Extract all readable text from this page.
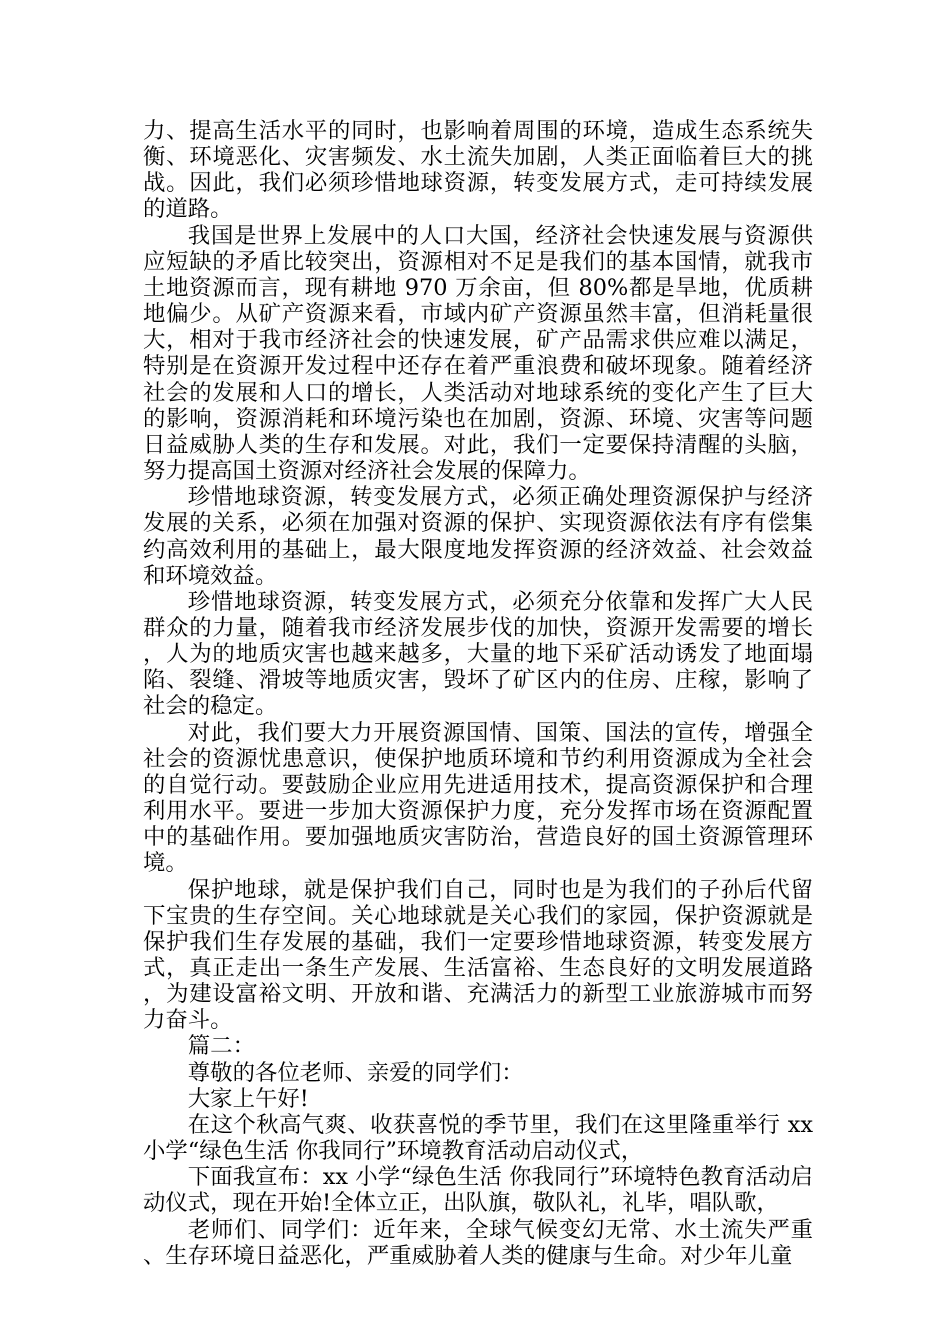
力、提高生活水平的同时，也影响着周围的环境，造成生态系统失衡、环境恶化、灾害频发、水土流失加剧，人类正面临着巨大的挑战。因此，我们必须珍惜地球资源，转变发展方式，走可持续发展的道路。

我国是世界上发展中的人口大国，经济社会快速发展与资源供应短缺的矛盾比较突出，资源相对不足是我们的基本国情，就我市土地资源而言，现有耕地 970 万余亩，但 80%都是旱地，优质耕地偏少。从矿产资源来看，市域内矿产资源虽然丰富，但消耗量很大，相对于我市经济社会的快速发展，矿产品需求供应难以满足，特别是在资源开发过程中还存在着严重浪费和破坏现象。随着经济社会的发展和人口的增长，人类活动对地球系统的变化产生了巨大的影响，资源消耗和环境污染也在加剧，资源、环境、灾害等问题日益威胁人类的生存和发展。对此，我们一定要保持清醒的头脑，努力提高国土资源对经济社会发展的保障力。

珍惜地球资源，转变发展方式，必须正确处理资源保护与经济发展的关系，必须在加强对资源的保护、实现资源依法有序有偿集约高效利用的基础上，最大限度地发挥资源的经济效益、社会效益和环境效益。

珍惜地球资源，转变发展方式，必须充分依靠和发挥广大人民群众的力量，随着我市经济发展步伐的加快，资源开发需要的增长，人为的地质灾害也越来越多，大量的地下采矿活动诱发了地面塌陷、裂缝、滑坡等地质灾害，毁坏了矿区内的住房、庄稼，影响了社会的稳定。

对此，我们要大力开展资源国情、国策、国法的宣传，增强全社会的资源忧患意识，使保护地质环境和节约利用资源成为全社会的自觉行动。要鼓励企业应用先进适用技术，提高资源保护和合理利用水平。要进一步加大资源保护力度，充分发挥市场在资源配置中的基础作用。要加强地质灾害防治，营造良好的国土资源管理环境。

保护地球，就是保护我们自己，同时也是为我们的子孙后代留下宝贵的生存空间。关心地球就是关心我们的家园，保护资源就是保护我们生存发展的基础，我们一定要珍惜地球资源，转变发展方式，真正走出一条生产发展、生活富裕、生态良好的文明发展道路，为建设富裕文明、开放和谐、充满活力的新型工业旅游城市而努力奋斗。

篇二：

尊敬的各位老师、亲爱的同学们：

大家上午好!

在这个秋高气爽、收获喜悦的季节里，我们在这里隆重举行 xx 小学“绿色生活 你我同行”环境教育活动启动仪式，

下面我宣布：xx 小学“绿色生活 你我同行”环境特色教育活动启动仪式，现在开始!全体立正，出队旗，敬队礼，礼毕，唱队歌，

老师们、同学们：近年来，全球气候变幻无常、水土流失严重、生存环境日益恶化，严重威胁着人类的健康与生命。对少年儿童
